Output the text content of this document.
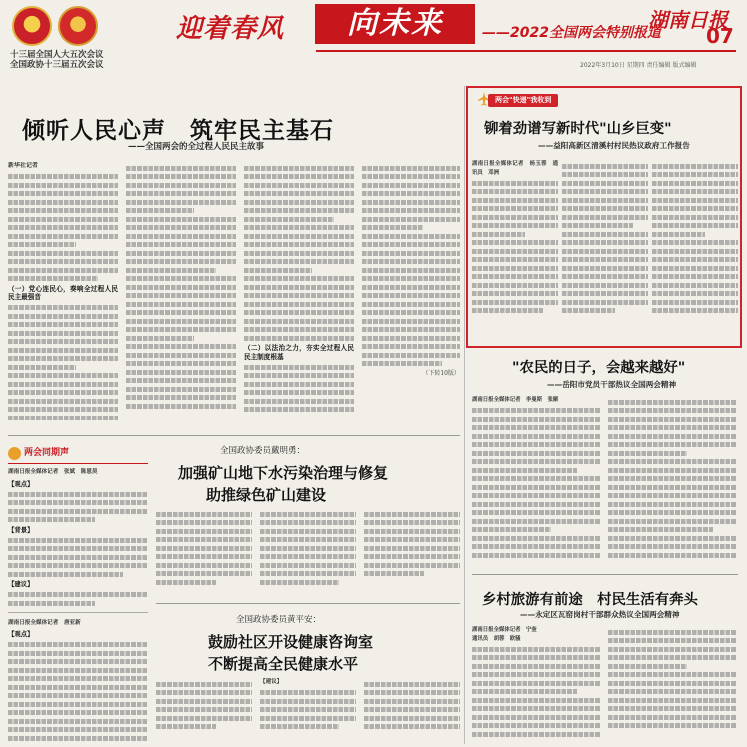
十三届全国人大五次会议
全国政协十三届五次会议
迎着春风	向未来	——2022全国两会特别报道
湖南日报
07
2022年3月10日 星期四 责任编辑 版式编辑
倾听人民心声　筑牢民主基石
——全国两会的全过程人民民主故事
新华社记者
（一）党心连民心，奏响全过程人民民主最强音
（二）以法治之力，夯实全过程人民民主制度根基
（下转10版）
两会"快递"我收到
铆着劲谱写新时代"山乡巨变"
——益阳高新区清溪村村民热议政府工作报告
湖南日报全媒体记者　杨玉蓉　通讯员　邓洲
"农民的日子，会越来越好"
——岳阳市党员干部热议全国两会精神
湖南日报全媒体记者　李曼斯　张颐
乡村旅游有前途　村民生活有奔头
——永定区瓦窑岗村干部群众热议全国两会精神
湖南日报全媒体记者　宁奎
通讯员　胡蓉　欧骚
两会同期声
湖南日报全媒体记者　张斌　陈恩昊
【观点】
【背景】
【建议】
湖南日报全媒体记者　唐亚新
【观点】
全国政协委员戴明勇：
加强矿山地下水污染治理与修复
助推绿色矿山建设
全国政协委员黄平安：
鼓励社区开设健康咨询室
不断提高全民健康水平
【建议】
